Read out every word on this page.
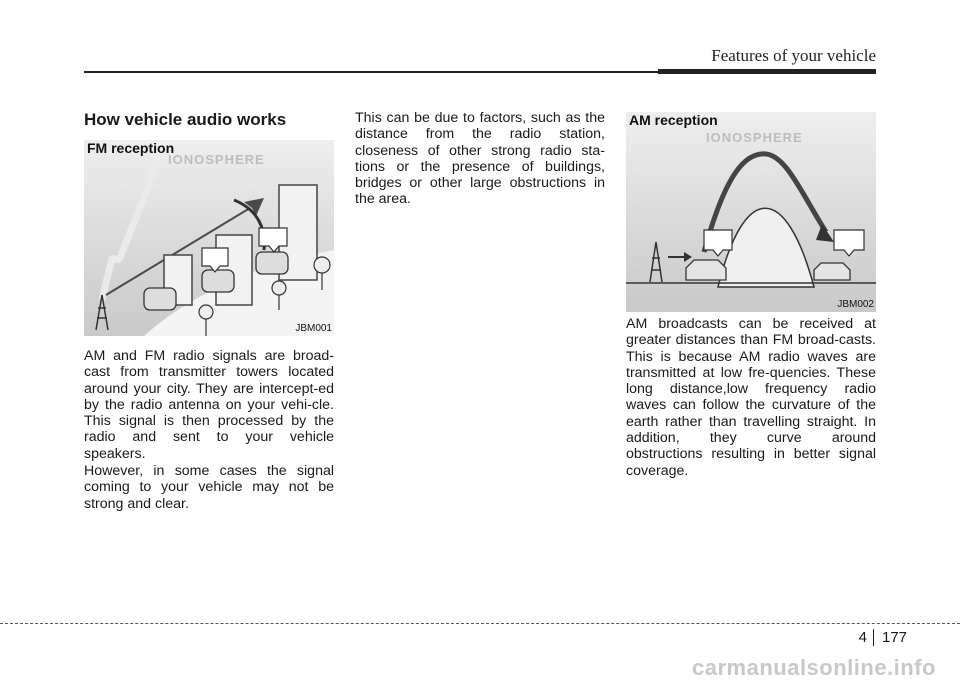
Features of your vehicle
How vehicle audio works
FM reception
IONOSPHERE
JBM001

AM and FM radio signals are broad-cast from transmitter towers located around your city. They are intercept-ed by the radio antenna on your vehi-cle. This signal is then processed by the radio and sent to your vehicle speakers.

However, in some cases the signal coming to your vehicle may not be strong and clear.

This can be due to factors, such as the distance from the radio station, closeness of other strong radio sta-tions or the presence of buildings, bridges or other large obstructions in the area.

AM reception
IONOSPHERE
JBM002

AM broadcasts can be received at greater distances than FM broad-casts. This is because AM radio waves are transmitted at low fre-quencies. These long distance,low frequency radio waves can follow the curvature of the earth rather than travelling straight. In addition, they curve around obstructions resulting in better signal coverage.

4	177
carmanualsonline.info
